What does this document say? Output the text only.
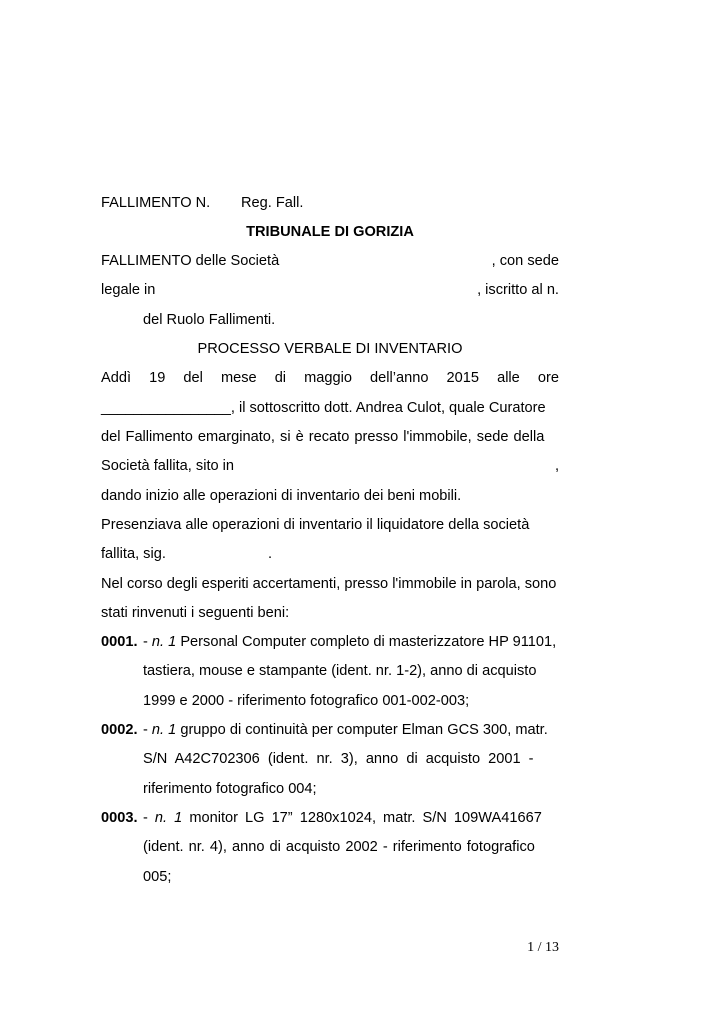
FALLIMENTO N. Reg. Fall.
TRIBUNALE DI GORIZIA
FALLIMENTO delle Società	, con sede
legale in	, iscritto al n.
del Ruolo Fallimenti.
PROCESSO VERBALE DI INVENTARIO
Addì 19 del mese di maggio dell’anno 2015 alle ore
________________, il sottoscritto dott. Andrea Culot, quale Curatore
del Fallimento emarginato, si è recato presso l'immobile, sede della
Società fallita, sito in	,
dando inizio alle operazioni di inventario dei beni mobili.
Presenziava alle operazioni di inventario il liquidatore della società
fallita, sig.	.
Nel corso degli esperiti accertamenti, presso l'immobile in parola, sono
stati rinvenuti i seguenti beni:
0001. - n. 1 Personal Computer completo di masterizzatore HP 91101,
tastiera, mouse e stampante (ident. nr. 1-2), anno di acquisto
1999 e 2000 - riferimento fotografico 001-002-003;
0002. - n. 1 gruppo di continuità per computer Elman GCS 300, matr.
S/N A42C702306 (ident. nr. 3), anno di acquisto 2001 -
riferimento fotografico 004;
0003. - n. 1 monitor LG 17” 1280x1024, matr. S/N 109WA41667
(ident. nr. 4), anno di acquisto 2002 - riferimento fotografico
005;
1 / 13
